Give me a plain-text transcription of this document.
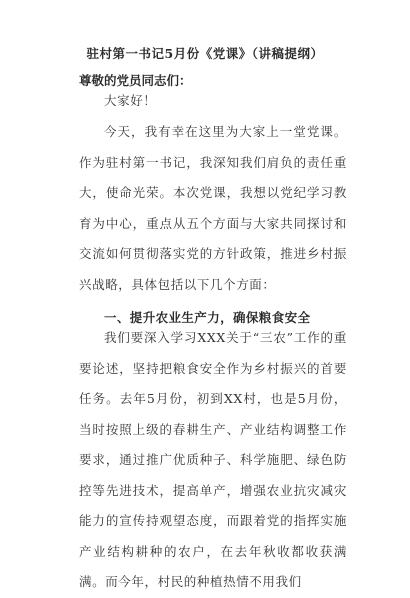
驻村第一书记5月份《党课》（讲稿提纲）
尊敬的党员同志们：
大家好！
今天，我有幸在这里为大家上一堂党课。作为驻村第一书记，我深知我们肩负的责任重大，使命光荣。本次党课，我想以党纪学习教育为中心，重点从五个方面与大家共同探讨和交流如何贯彻落实党的方针政策，推进乡村振兴战略，具体包括以下几个方面：
一、提升农业生产力，确保粮食安全
我们要深入学习XXX关于“三农”工作的重要论述，坚持把粮食安全作为乡村振兴的首要任务。去年5月份，初到XX村，也是5月份，当时按照上级的春耕生产、产业结构调整工作要求，通过推广优质种子、科学施肥、绿色防控等先进技术，提高单产，增强农业抗灾减灾能力的宣传持观望态度，而跟着党的指挥实施产业结构耕种的农户，在去年秋收都收获满满。而今年，村民的种植热情不用我们
